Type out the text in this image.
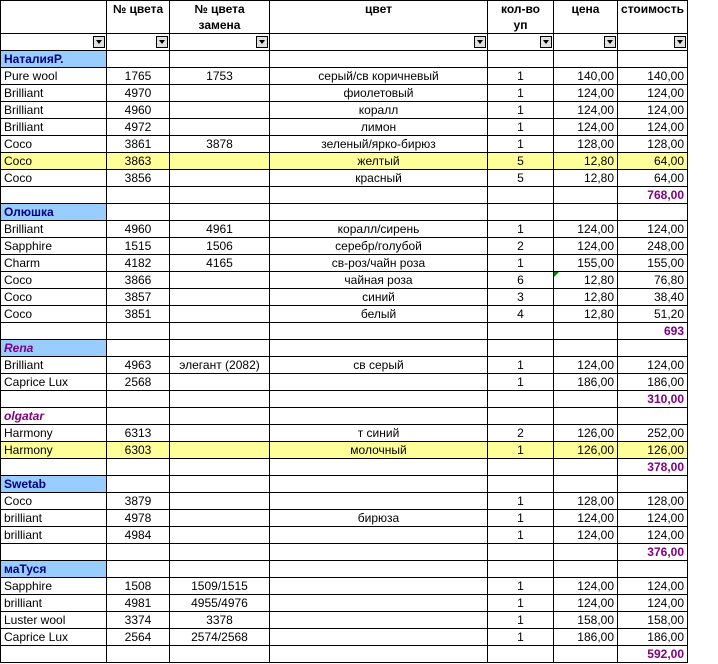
	№ цвета	№ цвета	цвет	кол-во	цена	стоимость
		замена		уп		

НаталияР.						
Pure wool	1765	1753	серый/св коричневый	1	140,00	140,00
Brilliant	4970		фиолетовый	1	124,00	124,00
Brilliant	4960		коралл	1	124,00	124,00
Brilliant	4972		лимон	1	124,00	124,00
Coco	3861	3878	зеленый/ярко-бирюз	1	128,00	128,00
Coco	3863		желтый	5	12,80	64,00
Coco	3856		красный	5	12,80	64,00
						768,00
Олюшка						
Brilliant	4960	4961	коралл/сирень	1	124,00	124,00
Sapphire	1515	1506	серебр/голубой	2	124,00	248,00
Charm	4182	4165	св-роз/чайн роза	1	155,00	155,00
Coco	3866		чайная роза	6	12,80	76,80
Coco	3857		синий	3	12,80	38,40
Coco	3851		белый	4	12,80	51,20
						693
Rena						
Brilliant	4963	элегант (2082)	св серый	1	124,00	124,00
Caprice Lux	2568			1	186,00	186,00
						310,00
olgatar						
Harmony	6313		т синий	2	126,00	252,00
Harmony	6303		молочный	1	126,00	126,00
						378,00
Swetab						
Coco	3879			1	128,00	128,00
brilliant	4978		бирюза	1	124,00	124,00
brilliant	4984			1	124,00	124,00
						376,00
маТуся						
Sapphire	1508	1509/1515		1	124,00	124,00
brilliant	4981	4955/4976		1	124,00	124,00
Luster wool	3374	3378		1	158,00	158,00
Caprice Lux	2564	2574/2568		1	186,00	186,00
						592,00
